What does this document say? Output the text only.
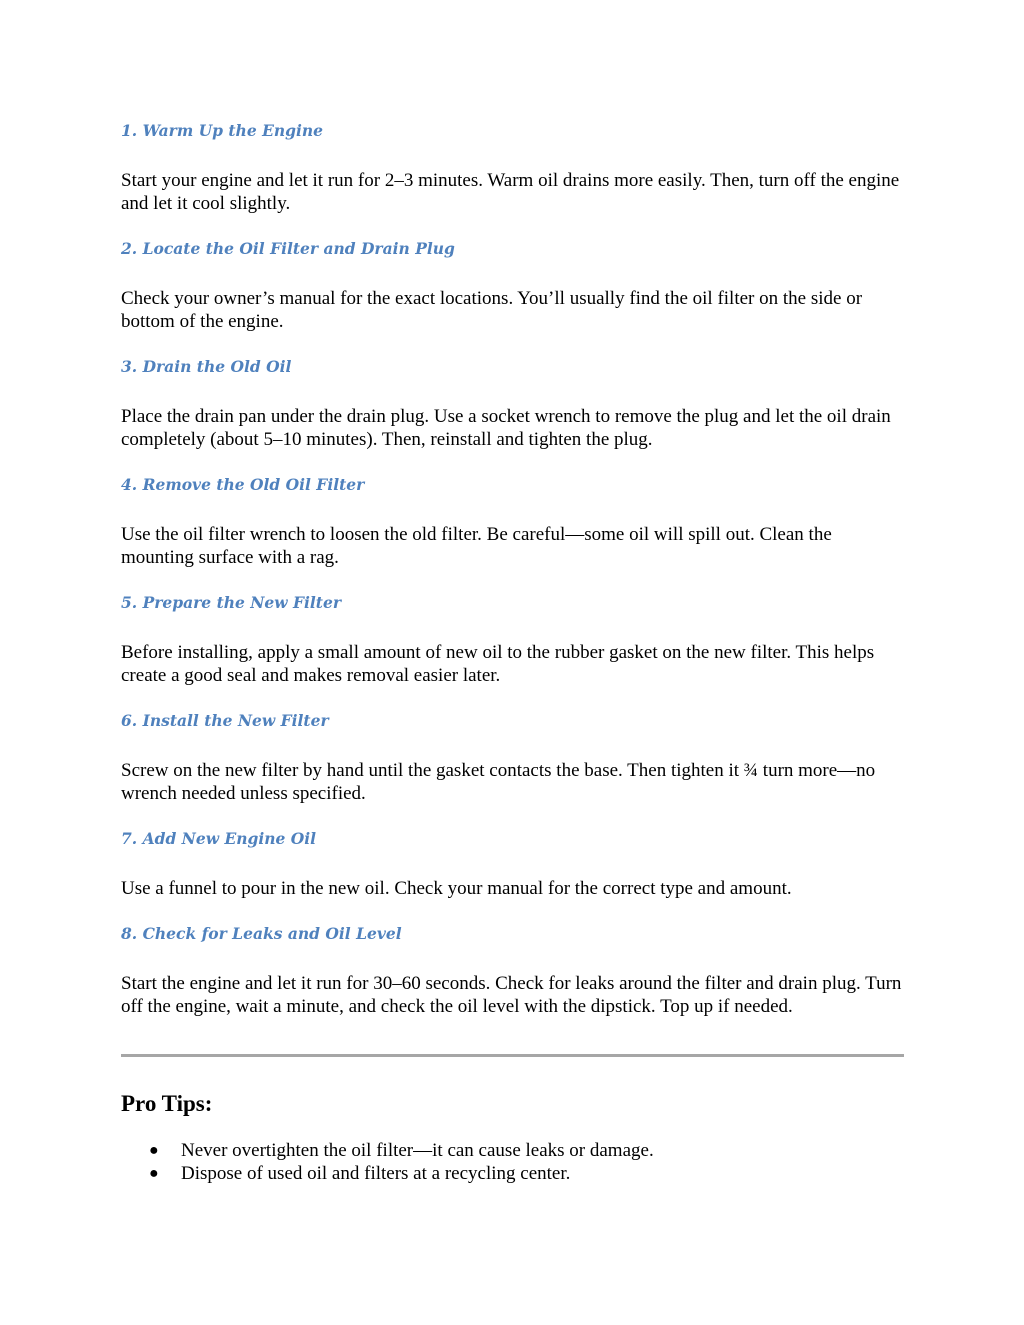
1. Warm Up the Engine

Start your engine and let it run for 2–3 minutes. Warm oil drains more easily. Then, turn off the engine and let it cool slightly.

2. Locate the Oil Filter and Drain Plug

Check your owner’s manual for the exact locations. You’ll usually find the oil filter on the side or bottom of the engine.

3. Drain the Old Oil

Place the drain pan under the drain plug. Use a socket wrench to remove the plug and let the oil drain completely (about 5–10 minutes). Then, reinstall and tighten the plug.

4. Remove the Old Oil Filter

Use the oil filter wrench to loosen the old filter. Be careful—some oil will spill out. Clean the mounting surface with a rag.

5. Prepare the New Filter

Before installing, apply a small amount of new oil to the rubber gasket on the new filter. This helps create a good seal and makes removal easier later.

6. Install the New Filter

Screw on the new filter by hand until the gasket contacts the base. Then tighten it ¾ turn more—no wrench needed unless specified.

7. Add New Engine Oil

Use a funnel to pour in the new oil. Check your manual for the correct type and amount.

8. Check for Leaks and Oil Level

Start the engine and let it run for 30–60 seconds. Check for leaks around the filter and drain plug. Turn off the engine, wait a minute, and check the oil level with the dipstick. Top up if needed.

Pro Tips:
● Never overtighten the oil filter—it can cause leaks or damage.
● Dispose of used oil and filters at a recycling center.
